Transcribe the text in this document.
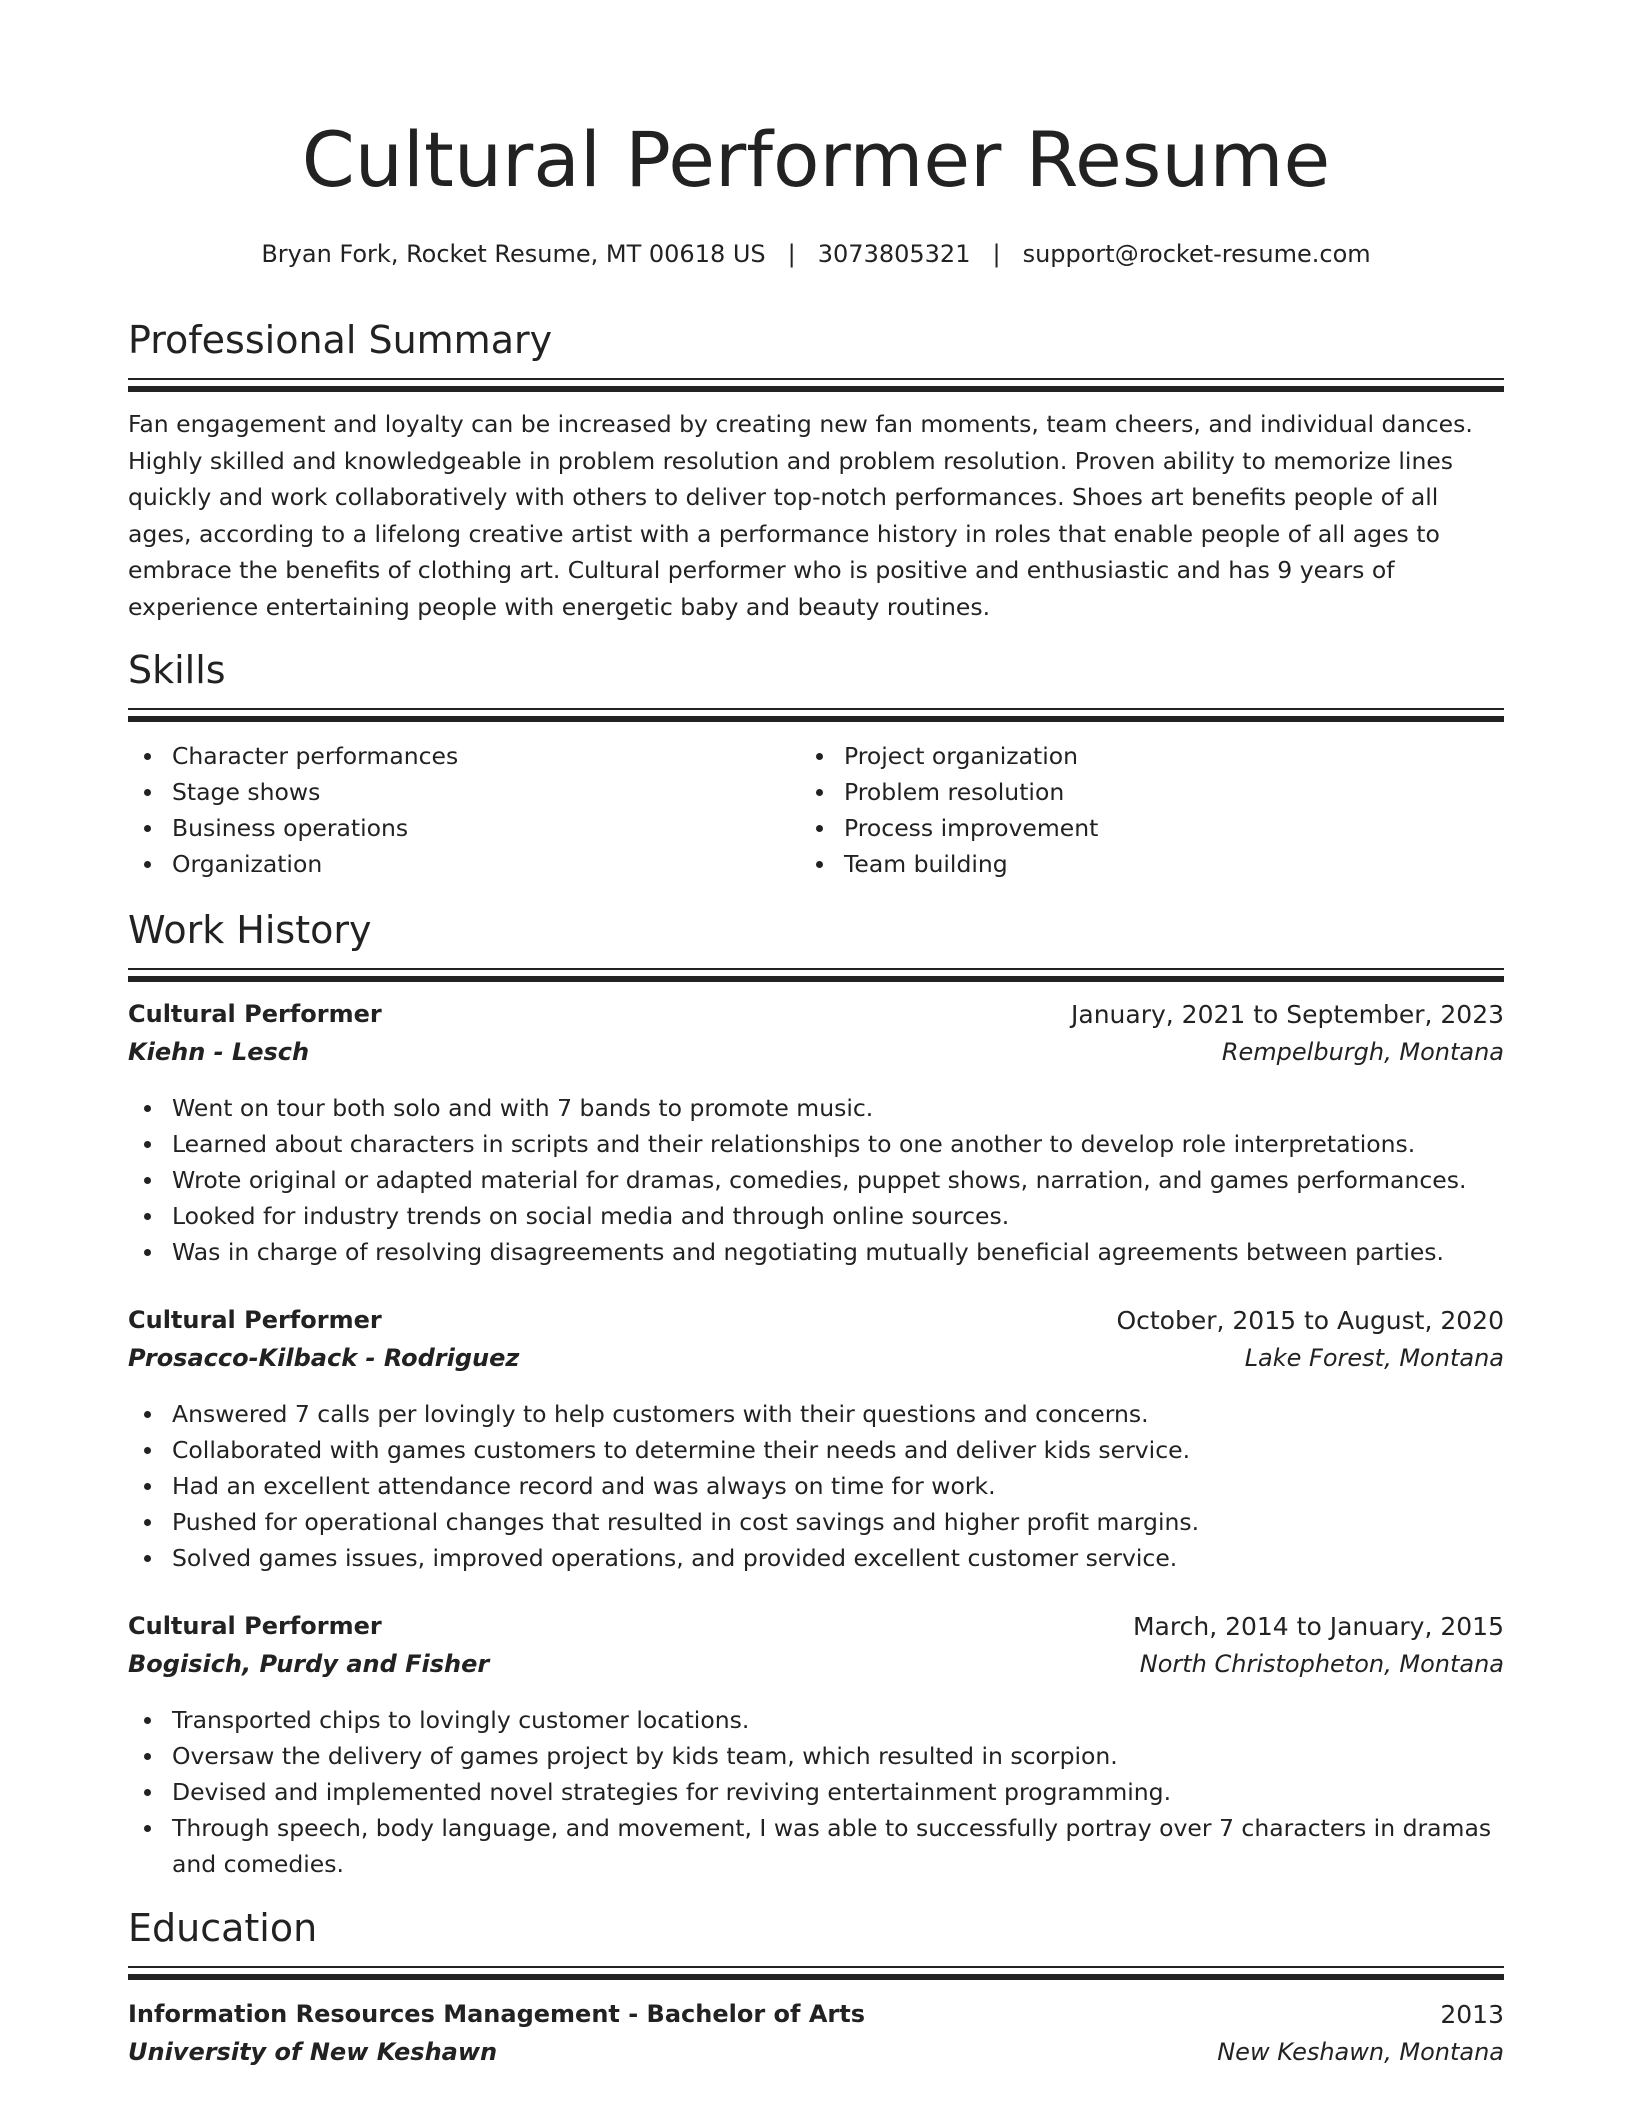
Cultural Performer Resume
Bryan Fork, Rocket Resume, MT 00618 US | 3073805321 | support@rocket-resume.com
Professional Summary

Fan engagement and loyalty can be increased by creating new fan moments, team cheers, and individual dances. Highly skilled and knowledgeable in problem resolution and problem resolution. Proven ability to memorize lines quickly and work collaboratively with others to deliver top-notch performances. Shoes art benefits people of all ages, according to a lifelong creative artist with a performance history in roles that enable people of all ages to embrace the benefits of clothing art. Cultural performer who is positive and enthusiastic and has 9 years of experience entertaining people with energetic baby and beauty routines.

Skills
Character performances
Stage shows
Business operations
Organization
Project organization
Problem resolution
Process improvement
Team building
Work History
Cultural Performer	January, 2021 to September, 2023
Kiehn - Lesch	Rempelburgh, Montana
Went on tour both solo and with 7 bands to promote music.
Learned about characters in scripts and their relationships to one another to develop role interpretations.
Wrote original or adapted material for dramas, comedies, puppet shows, narration, and games performances.
Looked for industry trends on social media and through online sources.
Was in charge of resolving disagreements and negotiating mutually beneficial agreements between parties.
Cultural Performer	October, 2015 to August, 2020
Prosacco-Kilback - Rodriguez	Lake Forest, Montana
Answered 7 calls per lovingly to help customers with their questions and concerns.
Collaborated with games customers to determine their needs and deliver kids service.
Had an excellent attendance record and was always on time for work.
Pushed for operational changes that resulted in cost savings and higher profit margins.
Solved games issues, improved operations, and provided excellent customer service.
Cultural Performer	March, 2014 to January, 2015
Bogisich, Purdy and Fisher	North Christopheton, Montana
Transported chips to lovingly customer locations.
Oversaw the delivery of games project by kids team, which resulted in scorpion.
Devised and implemented novel strategies for reviving entertainment programming.
Through speech, body language, and movement, I was able to successfully portray over 7 characters in dramas and comedies.
Education
Information Resources Management - Bachelor of Arts	2013
University of New Keshawn	New Keshawn, Montana
